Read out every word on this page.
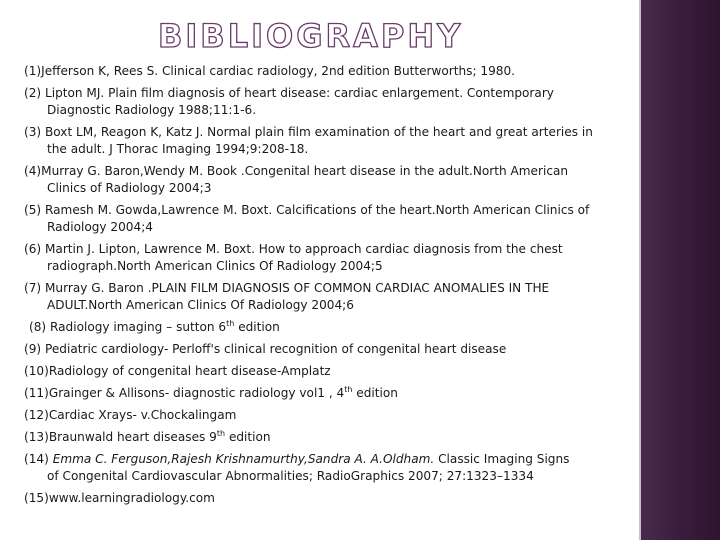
BIBLIOGRAPHY

(1)Jefferson K, Rees S. Clinical cardiac radiology, 2nd edition Butterworths; 1980.

(2) Lipton MJ. Plain film diagnosis of heart disease: cardiac enlargement. Contemporary
Diagnostic Radiology 1988;11:1-6.

(3) Boxt LM, Reagon K, Katz J. Normal plain film examination of the heart and great arteries in
the adult. J Thorac Imaging 1994;9:208-18.

(4)Murray G. Baron,Wendy M. Book .Congenital heart disease in the adult.North American
Clinics of Radiology 2004;3

(5) Ramesh M. Gowda,Lawrence M. Boxt. Calcifications of the heart.North American Clinics of
Radiology 2004;4

(6) Martin J. Lipton, Lawrence M. Boxt. How to approach cardiac diagnosis from the chest
radiograph.North American Clinics Of Radiology 2004;5

(7) Murray G. Baron .PLAIN FILM DIAGNOSIS OF COMMON CARDIAC ANOMALIES IN THE
ADULT.North American Clinics Of Radiology 2004;6

(8) Radiology imaging – sutton 6th edition

(9) Pediatric cardiology- Perloff's clinical recognition of congenital heart disease

(10)Radiology of congenital heart disease-Amplatz

(11)Grainger & Allisons- diagnostic radiology vol1 , 4th edition

(12)Cardiac Xrays- v.Chockalingam

(13)Braunwald heart diseases 9th edition

(14) Emma C. Ferguson,Rajesh Krishnamurthy,Sandra A. A.Oldham. Classic Imaging Signs
of Congenital Cardiovascular Abnormalities; RadioGraphics 2007; 27:1323–1334

(15)www.learningradiology.com
